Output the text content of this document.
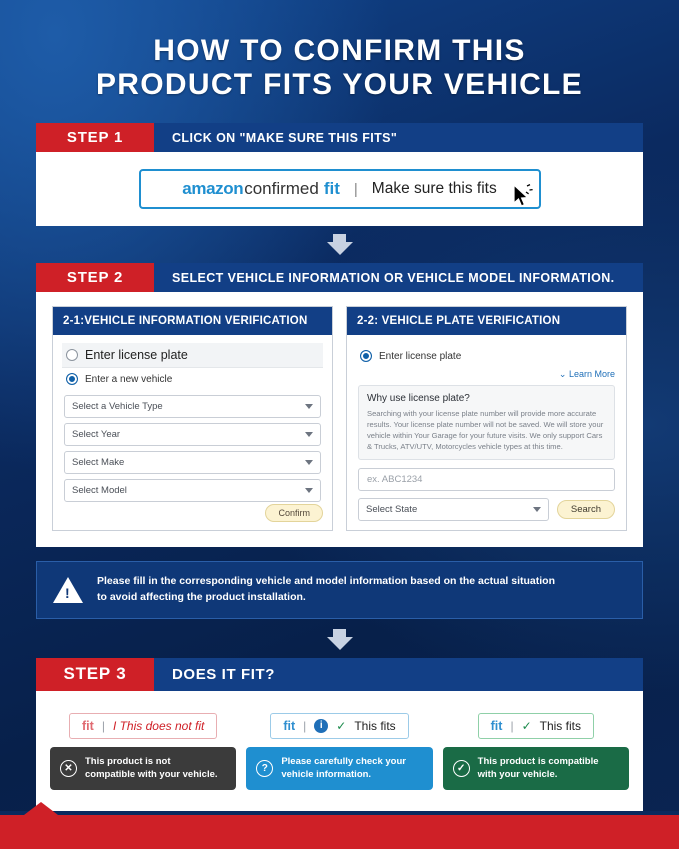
HOW TO CONFIRM THIS
PRODUCT FITS YOUR VEHICLE
STEP 1	CLICK ON "MAKE SURE THIS FITS"
amazon confirmed fit | Make sure this fits
STEP 2	SELECT VEHICLE INFORMATION OR VEHICLE MODEL INFORMATION.
2-1:VEHICLE INFORMATION VERIFICATION
Enter license plate
Enter a new vehicle
Select a Vehicle Type
Select Year
Select Make
Select Model
Confirm
2-2: VEHICLE PLATE VERIFICATION
Enter license plate
⌄ Learn More
Why use license plate?

Searching with your license plate number will provide more accurate results. Your license plate number will not be saved. We will store your vehicle within Your Garage for your future visits. We only support Cars & Trucks, ATV/UTV, Motorcycles vehicle types at this time.

ex. ABC1234
Select State	Search
!
Please fill in the corresponding vehicle and model information based on the actual situation
to avoid affecting the product installation.
STEP 3	DOES IT FIT?
fit | I This does not fit
✕
This product is not
compatible with your vehicle.
fit |	i	✓ This fits
?
Please carefully check your
vehicle information.
fit | ✓ This fits
✓
This product is compatible
with your vehicle.
